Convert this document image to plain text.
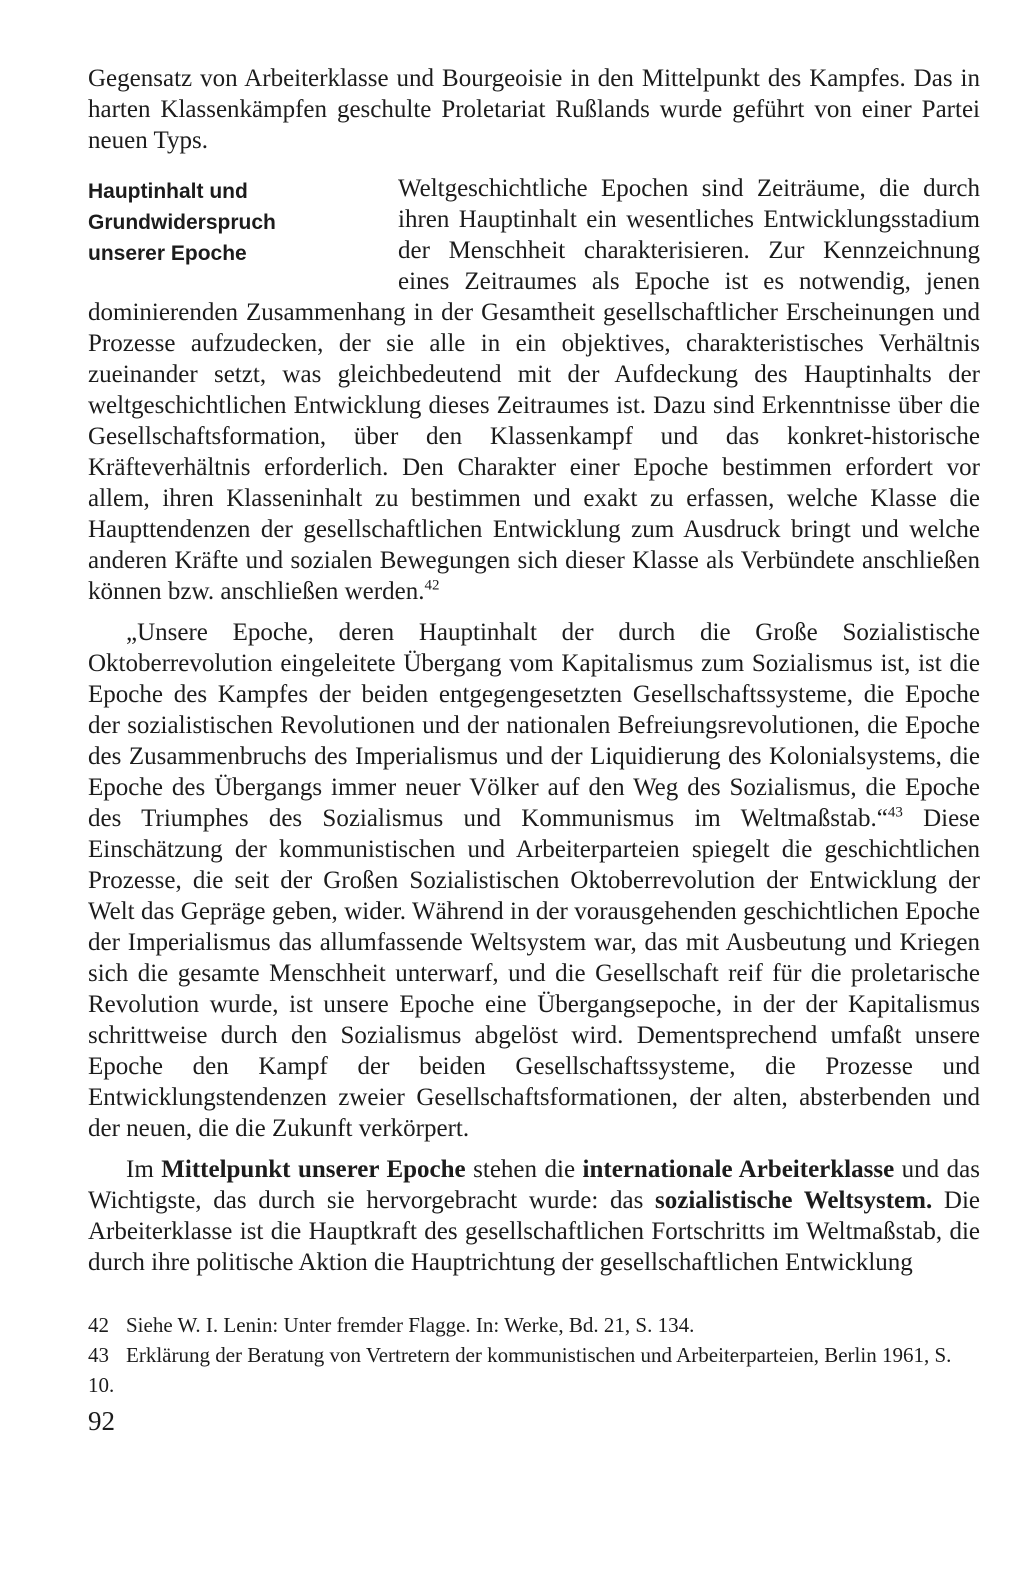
Gegensatz von Arbeiterklasse und Bourgeoisie in den Mittelpunkt des Kampfes. Das in harten Klassenkämpfen geschulte Proletariat Rußlands wurde geführt von einer Partei neuen Typs.

Hauptinhalt und
Grundwiderspruch
unserer Epoche

Weltgeschichtliche Epochen sind Zeiträume, die durch ihren Hauptinhalt ein wesentliches Entwicklungsstadium der Menschheit charakterisieren. Zur Kennzeichnung eines Zeitraumes als Epoche ist es notwendig, jenen dominierenden Zusammenhang in der Gesamtheit gesellschaftlicher Erscheinungen und Prozesse aufzudecken, der sie alle in ein objektives, charakteristisches Verhältnis zueinander setzt, was gleichbedeutend mit der Aufdeckung des Hauptinhalts der weltgeschichtlichen Entwicklung dieses Zeitraumes ist. Dazu sind Erkenntnisse über die Gesellschaftsformation, über den Klassenkampf und das konkret-historische Kräfteverhältnis erforderlich. Den Charakter einer Epoche bestimmen erfordert vor allem, ihren Klasseninhalt zu bestimmen und exakt zu erfassen, welche Klasse die Haupttendenzen der gesellschaftlichen Entwicklung zum Ausdruck bringt und welche anderen Kräfte und sozialen Bewegungen sich dieser Klasse als Verbündete anschließen können bzw. anschließen werden.$^{42}$

„Unsere Epoche, deren Hauptinhalt der durch die Große Sozialistische Oktoberrevolution eingeleitete Übergang vom Kapitalismus zum Sozialismus ist, ist die Epoche des Kampfes der beiden entgegengesetzten Gesellschaftssysteme, die Epoche der sozialistischen Revolutionen und der nationalen Befreiungsrevolutionen, die Epoche des Zusammenbruchs des Imperialismus und der Liquidierung des Kolonialsystems, die Epoche des Übergangs immer neuer Völker auf den Weg des Sozialismus, die Epoche des Triumphes des Sozialismus und Kommunismus im Weltmaßstab.“$^{43}$ Diese Einschätzung der kommunistischen und Arbeiterparteien spiegelt die geschichtlichen Prozesse, die seit der Großen Sozialistischen Oktoberrevolution der Entwicklung der Welt das Gepräge geben, wider. Während in der vorausgehenden geschichtlichen Epoche der Imperialismus das allumfassende Weltsystem war, das mit Ausbeutung und Kriegen sich die gesamte Menschheit unterwarf, und die Gesellschaft reif für die proletarische Revolution wurde, ist unsere Epoche eine Übergangsepoche, in der der Kapitalismus schrittweise durch den Sozialismus abgelöst wird. Dementsprechend umfaßt unsere Epoche den Kampf der beiden Gesellschaftssysteme, die Prozesse und Entwicklungstendenzen zweier Gesellschaftsformationen, der alten, absterbenden und der neuen, die die Zukunft verkörpert.

Im Mittelpunkt unserer Epoche stehen die internationale Arbeiterklasse und das Wichtigste, das durch sie hervorgebracht wurde: das sozialistische Weltsystem. Die Arbeiterklasse ist die Hauptkraft des gesellschaftlichen Fortschritts im Weltmaßstab, die durch ihre politische Aktion die Hauptrichtung der gesellschaftlichen Entwicklung

42 Siehe W. I. Lenin: Unter fremder Flagge. In: Werke, Bd. 21, S. 134.
43 Erklärung der Beratung von Vertretern der kommunistischen und Arbeiterparteien, Berlin 1961, S. 10.
92
